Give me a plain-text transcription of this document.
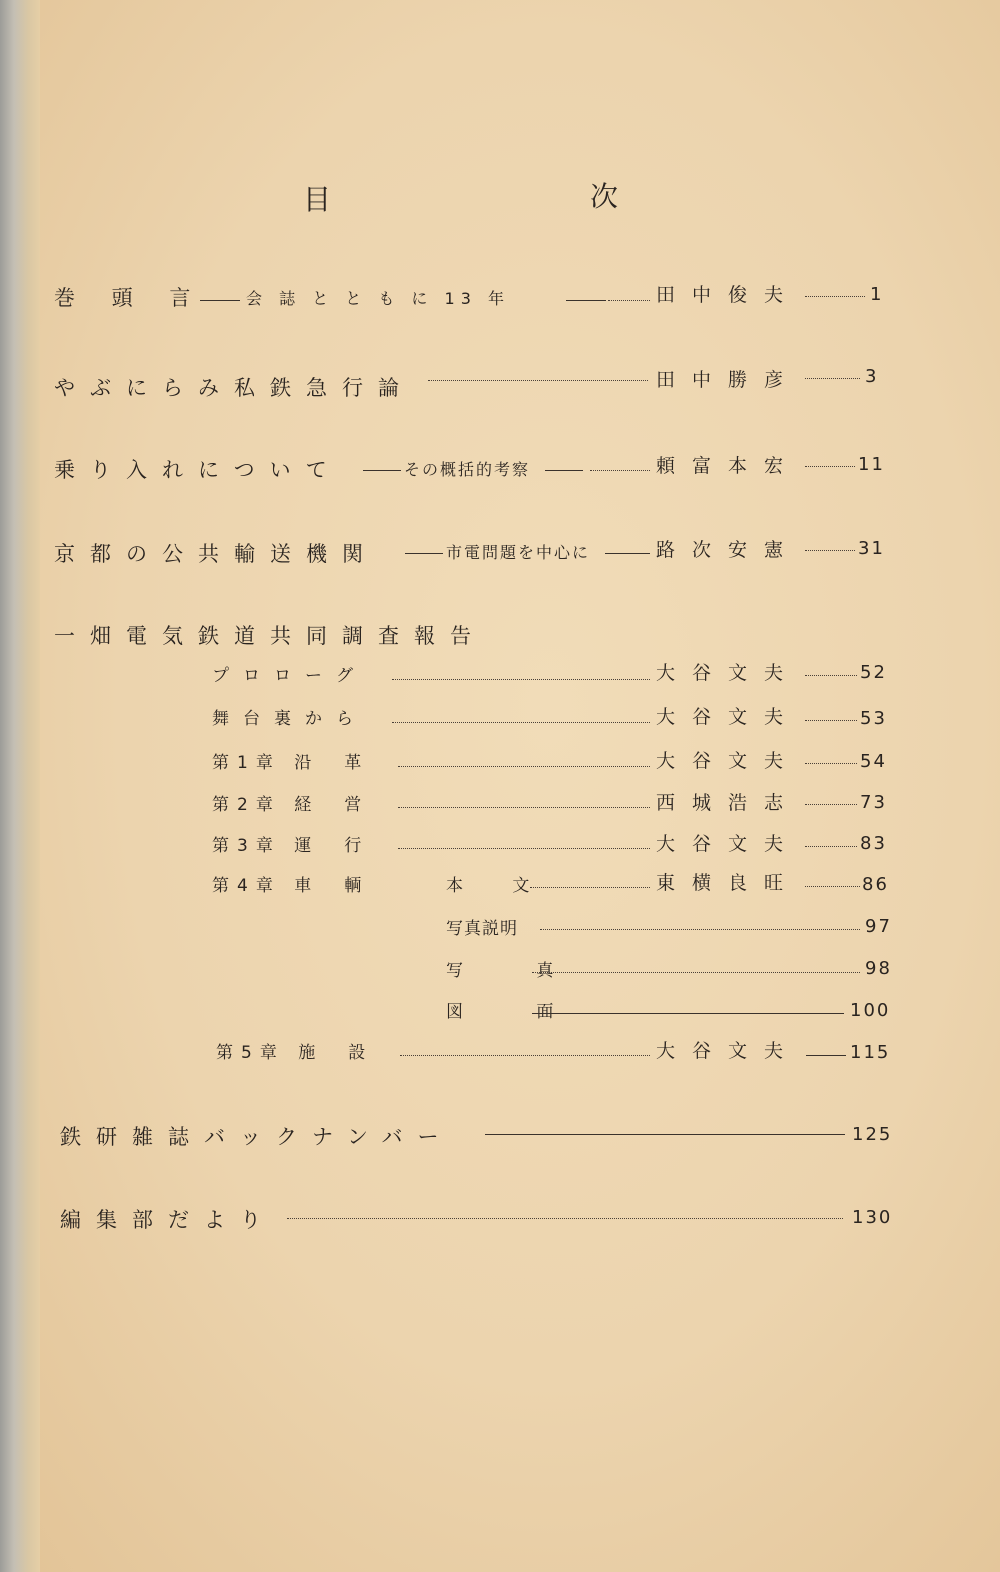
目	次
巻 頭 言	会 誌 と と も に 13 年	田中俊夫	1
やぶにらみ私鉄急行論	田中勝彦	3
乗り入れについて	その概括的考察	頼富本宏	11
京都の公共輸送機関	市電問題を中心に	路次安憲	31
一畑電気鉄道共同調査報告
プロローグ	大谷文夫	52
舞台裏から	大谷文夫	53
第1章 沿　革	大谷文夫	54
第2章 経　営	西城浩志	73
第3章 運　行	大谷文夫	83
第4章 車　輌	本 文	東横良旺	86
写真説明	97
写 真	98
図 面	100
第5章 施　設	大谷文夫	115
鉄研雑誌バックナンバー	125
編集部だより	130
